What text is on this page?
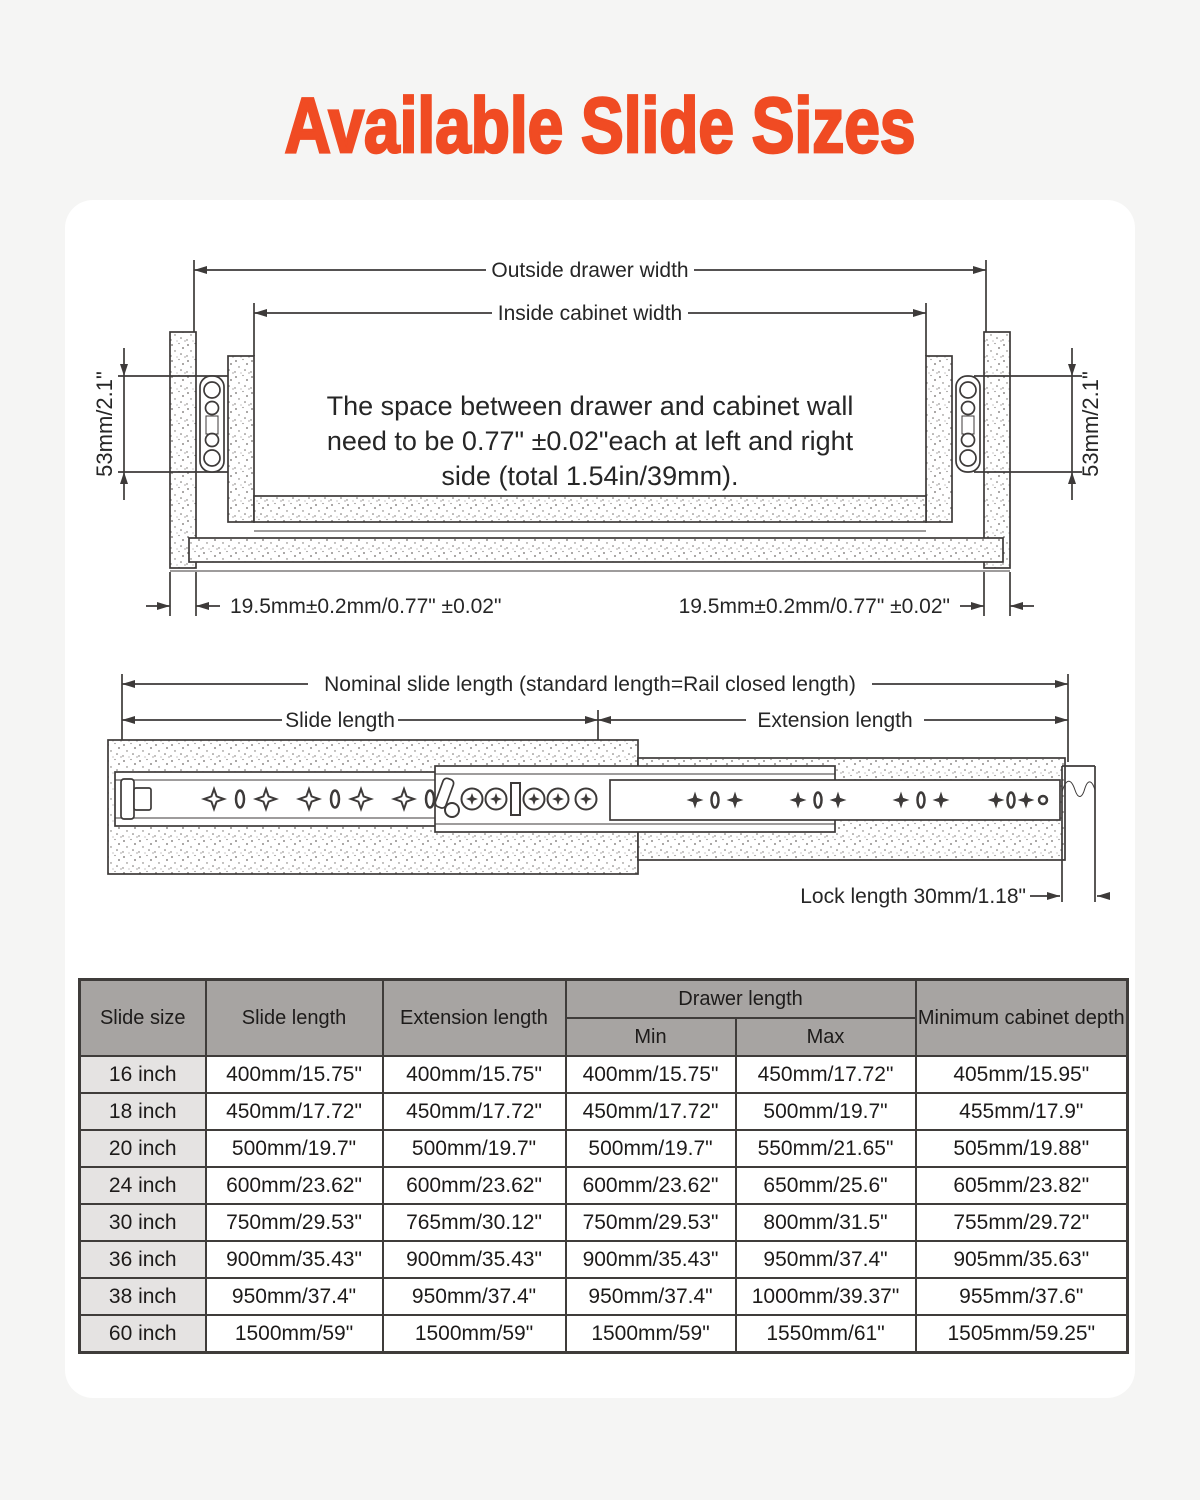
Available Slide Sizes
Outside drawer width
Inside cabinet width
53mm/2.1"	53mm/2.1"
The space between drawer and cabinet wall
need to be 0.77" ±0.02"each at left and right
side (total 1.54in/39mm).
19.5mm±0.2mm/0.77" ±0.02"	19.5mm±0.2mm/0.77" ±0.02"
Nominal slide length (standard length=Rail closed length)
Slide length	Extension length
Lock length 30mm/1.18"
Slide size	Slide length	Extension length	Drawer length		Minimum cabinet depth
			Min	Max	
16 inch	400mm/15.75"	400mm/15.75"	400mm/15.75"	450mm/17.72"	405mm/15.95"
18 inch	450mm/17.72"	450mm/17.72"	450mm/17.72"	500mm/19.7"	455mm/17.9"
20 inch	500mm/19.7"	500mm/19.7"	500mm/19.7"	550mm/21.65"	505mm/19.88"
24 inch	600mm/23.62"	600mm/23.62"	600mm/23.62"	650mm/25.6"	605mm/23.82"
30 inch	750mm/29.53"	765mm/30.12"	750mm/29.53"	800mm/31.5"	755mm/29.72"
36 inch	900mm/35.43"	900mm/35.43"	900mm/35.43"	950mm/37.4"	905mm/35.63"
38 inch	950mm/37.4"	950mm/37.4"	950mm/37.4"	1000mm/39.37"	955mm/37.6"
60 inch	1500mm/59"	1500mm/59"	1500mm/59"	1550mm/61"	1505mm/59.25"
